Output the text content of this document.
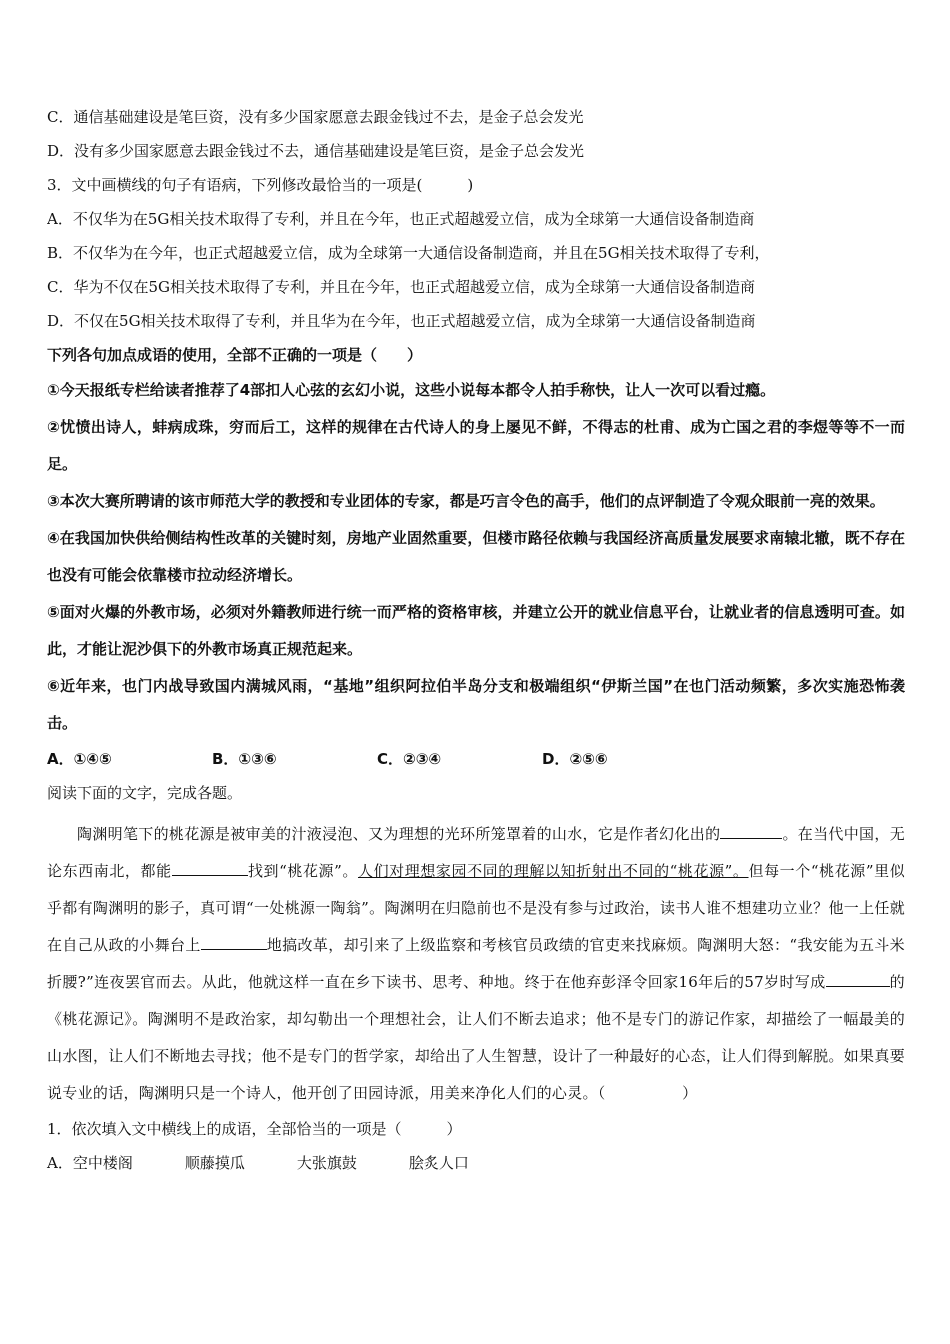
C．通信基础建设是笔巨资，没有多少国家愿意去跟金钱过不去，是金子总会发光
D．没有多少国家愿意去跟金钱过不去，通信基础建设是笔巨资，是金子总会发光
3．文中画横线的句子有语病，下列修改最恰当的一项是(　　　)
A．不仅华为在5G相关技术取得了专利，并且在今年，也正式超越爱立信，成为全球第一大通信设备制造商
B．不仅华为在今年，也正式超越爱立信，成为全球第一大通信设备制造商，并且在5G相关技术取得了专利，
C．华为不仅在5G相关技术取得了专利，并且在今年，也正式超越爱立信，成为全球第一大通信设备制造商
D．不仅在5G相关技术取得了专利，并且华为在今年，也正式超越爱立信，成为全球第一大通信设备制造商
下列各句加点成语的使用，全部不正确的一项是（　　）
①今天报纸专栏给读者推荐了4部扣人心弦的玄幻小说，这些小说每本都令人拍手称快，让人一次可以看过瘾。
②忧愤出诗人，蚌病成珠，穷而后工，这样的规律在古代诗人的身上屡见不鲜，不得志的杜甫、成为亡国之君的李煜等等不一而足。
③本次大赛所聘请的该市师范大学的教授和专业团体的专家，都是巧言令色的高手，他们的点评制造了令观众眼前一亮的效果。
④在我国加快供给侧结构性改革的关键时刻，房地产业固然重要，但楼市路径依赖与我国经济高质量发展要求南辕北辙，既不存在也没有可能会依靠楼市拉动经济增长。
⑤面对火爆的外教市场，必须对外籍教师进行统一而严格的资格审核，并建立公开的就业信息平台，让就业者的信息透明可查。如此，才能让泥沙俱下的外教市场真正规范起来。
⑥近年来，也门内战导致国内满城风雨，“基地”组织阿拉伯半岛分支和极端组织“伊斯兰国”在也门活动频繁，多次实施恐怖袭击。
A．①④⑤	B．①③⑥	C．②③④	D．②⑤⑥
阅读下面的文字，完成各题。
陶渊明笔下的桃花源是被审美的汁液浸泡、又为理想的光环所笼罩着的山水，它是作者幻化出的	。在当代中国，无论东西南北，都能	找到“桃花源”。人们对理想家园不同的理解以知折射出不同的“桃花源”。但每一个“桃花源”里似乎都有陶渊明的影子，真可谓“一处桃源一陶翁”。陶渊明在归隐前也不是没有参与过政治，读书人谁不想建功立业？他一上任就在自己从政的小舞台上	地搞改革，却引来了上级监察和考核官员政绩的官吏来找麻烦。陶渊明大怒：“我安能为五斗米折腰?”连夜罢官而去。从此，他就这样一直在乡下读书、思考、种地。终于在他弃彭泽令回家16年后的57岁时写成	的《桃花源记》。陶渊明不是政治家，却勾勒出一个理想社会，让人们不断去追求；他不是专门的游记作家，却描绘了一幅最美的山水图，让人们不断地去寻找；他不是专门的哲学家，却给出了人生智慧，设计了一种最好的心态，让人们得到解脱。如果真要说专业的话，陶渊明只是一个诗人，他开创了田园诗派，用美来净化人们的心灵。（　　　　　）
1．依次填入文中横线上的成语，全部恰当的一项是（　　　）
A．空中楼阁	顺藤摸瓜	大张旗鼓	脍炙人口
